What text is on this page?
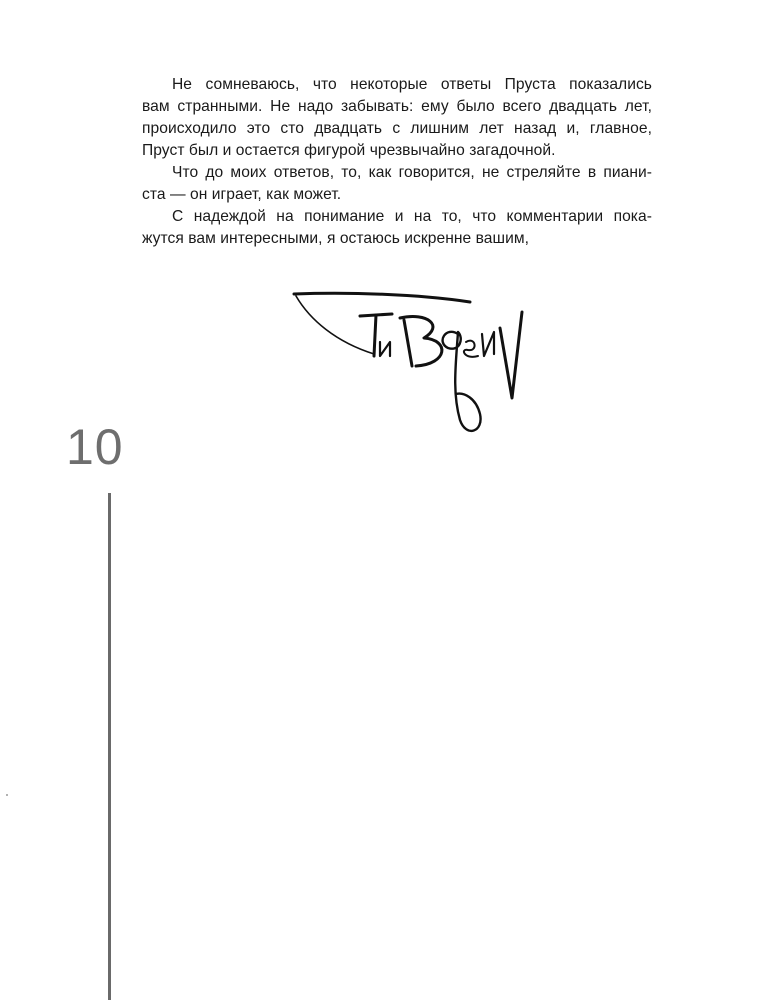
Не сомневаюсь, что некоторые ответы Пруста показались
вам странными. Не надо забывать: ему было всего двадцать лет,
происходило это сто двадцать с лишним лет назад и, главное,
Пруст был и остается фигурой чрезвычайно загадочной.

Что до моих ответов, то, как говорится, не стреляйте в пиани-
ста — он играет, как может.

С надеждой на понимание и на то, что комментарии пока-
жутся вам интересными, я остаюсь искренне вашим,

10
